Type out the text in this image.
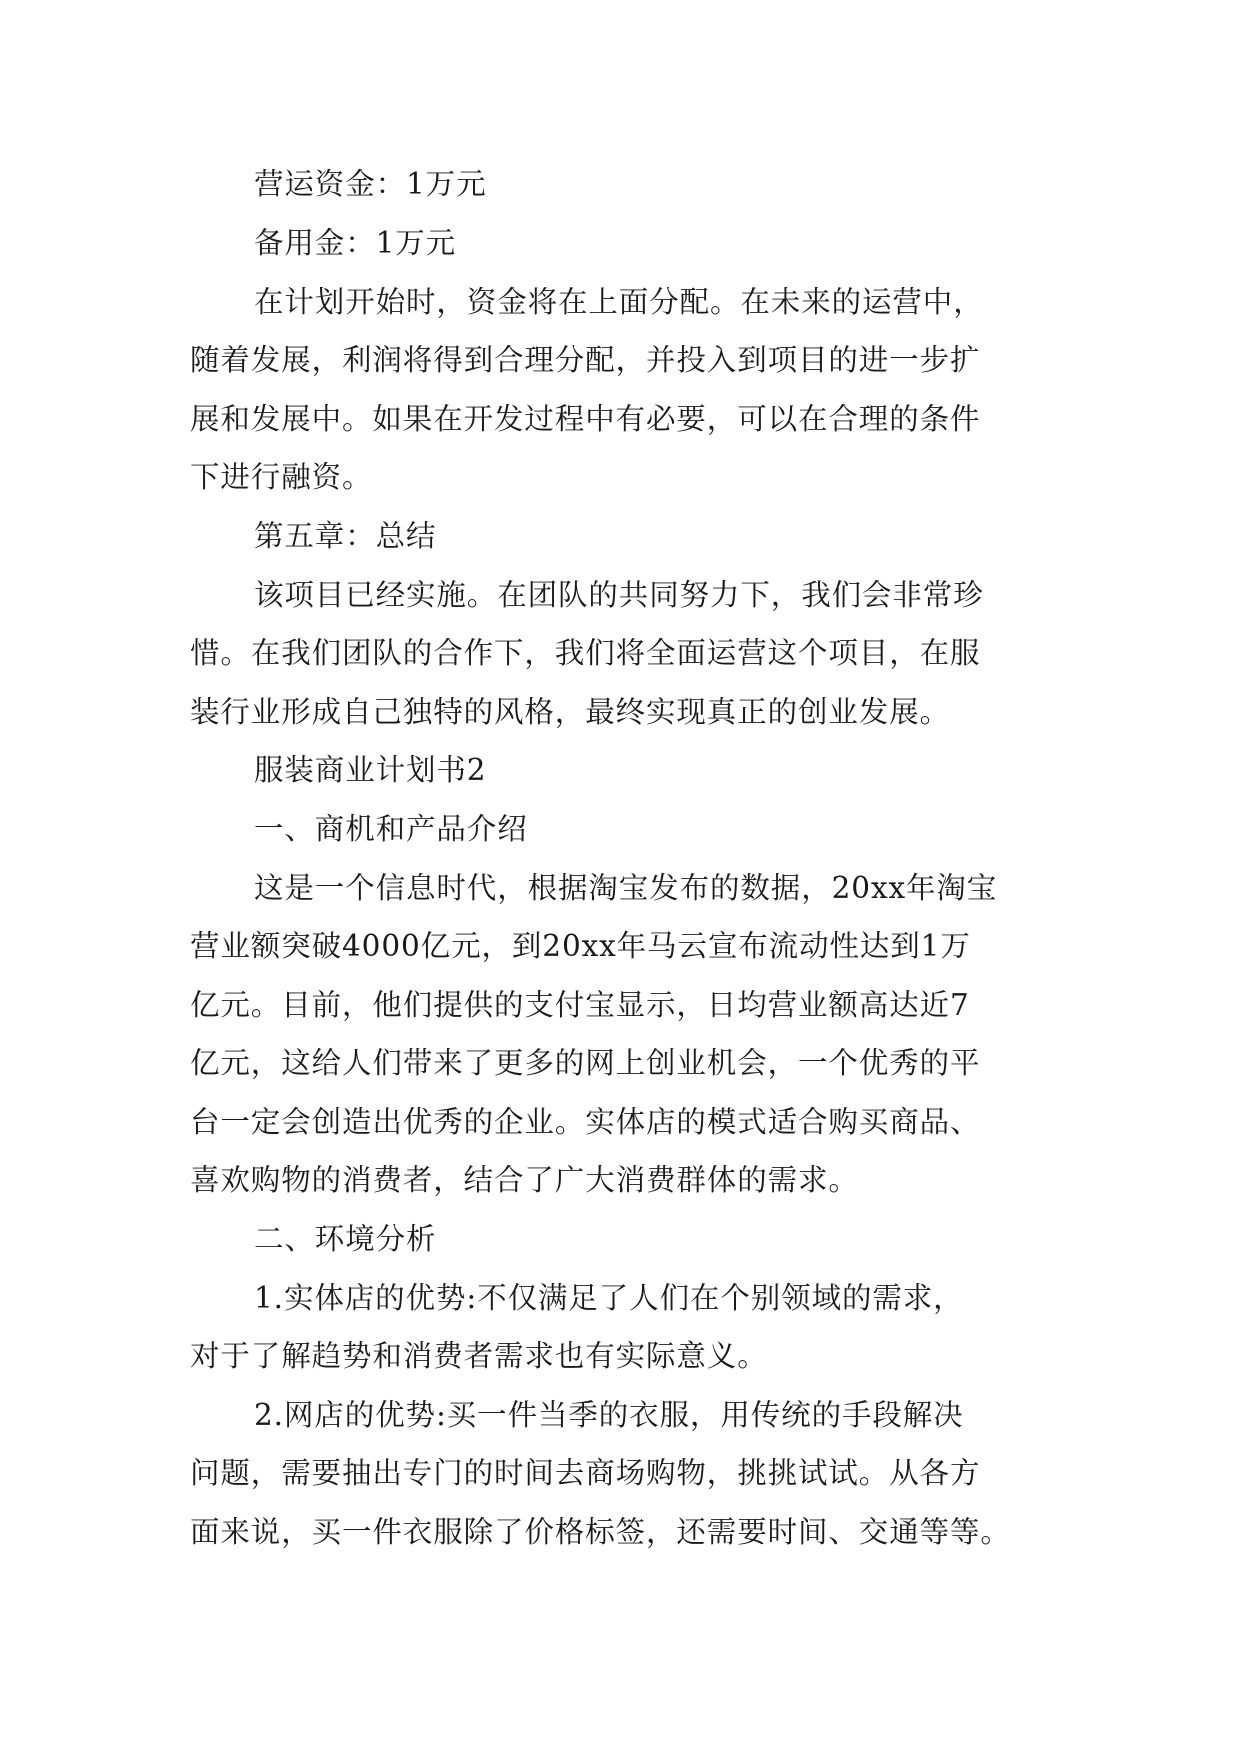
营运资金：1万元
备用金：1万元
在计划开始时，资金将在上面分配。在未来的运营中，
随着发展，利润将得到合理分配，并投入到项目的进一步扩
展和发展中。如果在开发过程中有必要，可以在合理的条件
下进行融资。
第五章：总结
该项目已经实施。在团队的共同努力下，我们会非常珍
惜。在我们团队的合作下，我们将全面运营这个项目，在服
装行业形成自己独特的风格，最终实现真正的创业发展。
服装商业计划书2
一、商机和产品介绍
这是一个信息时代，根据淘宝发布的数据，20xx年淘宝
营业额突破4000亿元，到20xx年马云宣布流动性达到1万
亿元。目前，他们提供的支付宝显示，日均营业额高达近7
亿元，这给人们带来了更多的网上创业机会，一个优秀的平
台一定会创造出优秀的企业。实体店的模式适合购买商品、
喜欢购物的消费者，结合了广大消费群体的需求。
二、环境分析
1.实体店的优势:不仅满足了人们在个别领域的需求，
对于了解趋势和消费者需求也有实际意义。
2.网店的优势:买一件当季的衣服，用传统的手段解决
问题，需要抽出专门的时间去商场购物，挑挑试试。从各方
面来说，买一件衣服除了价格标签，还需要时间、交通等等。
